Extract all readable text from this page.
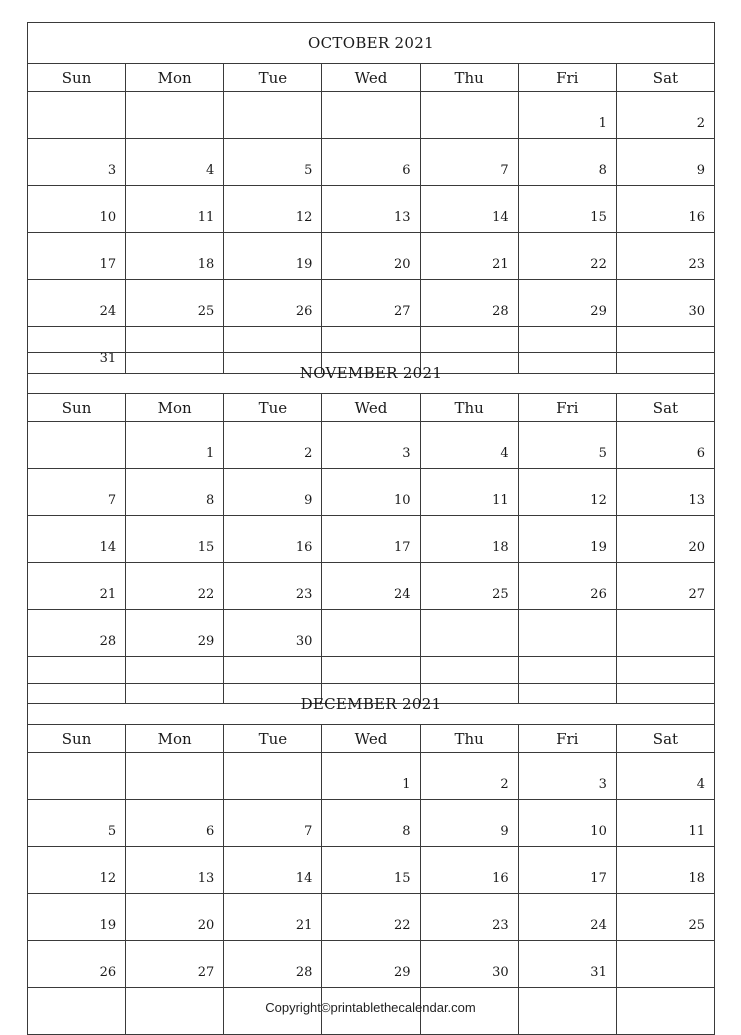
OCTOBER 2021						
Sun	Mon	Tue	Wed	Thu	Fri	Sat
					1	2
3	4	5	6	7	8	9
10	11	12	13	14	15	16
17	18	19	20	21	22	23
24	25	26	27	28	29	30
31						
NOVEMBER 2021						
Sun	Mon	Tue	Wed	Thu	Fri	Sat
	1	2	3	4	5	6
7	8	9	10	11	12	13
14	15	16	17	18	19	20
21	22	23	24	25	26	27
28	29	30				

DECEMBER 2021						
Sun	Mon	Tue	Wed	Thu	Fri	Sat
			1	2	3	4
5	6	7	8	9	10	11
12	13	14	15	16	17	18
19	20	21	22	23	24	25
26	27	28	29	30	31	

Copyright©printablethecalendar.com
